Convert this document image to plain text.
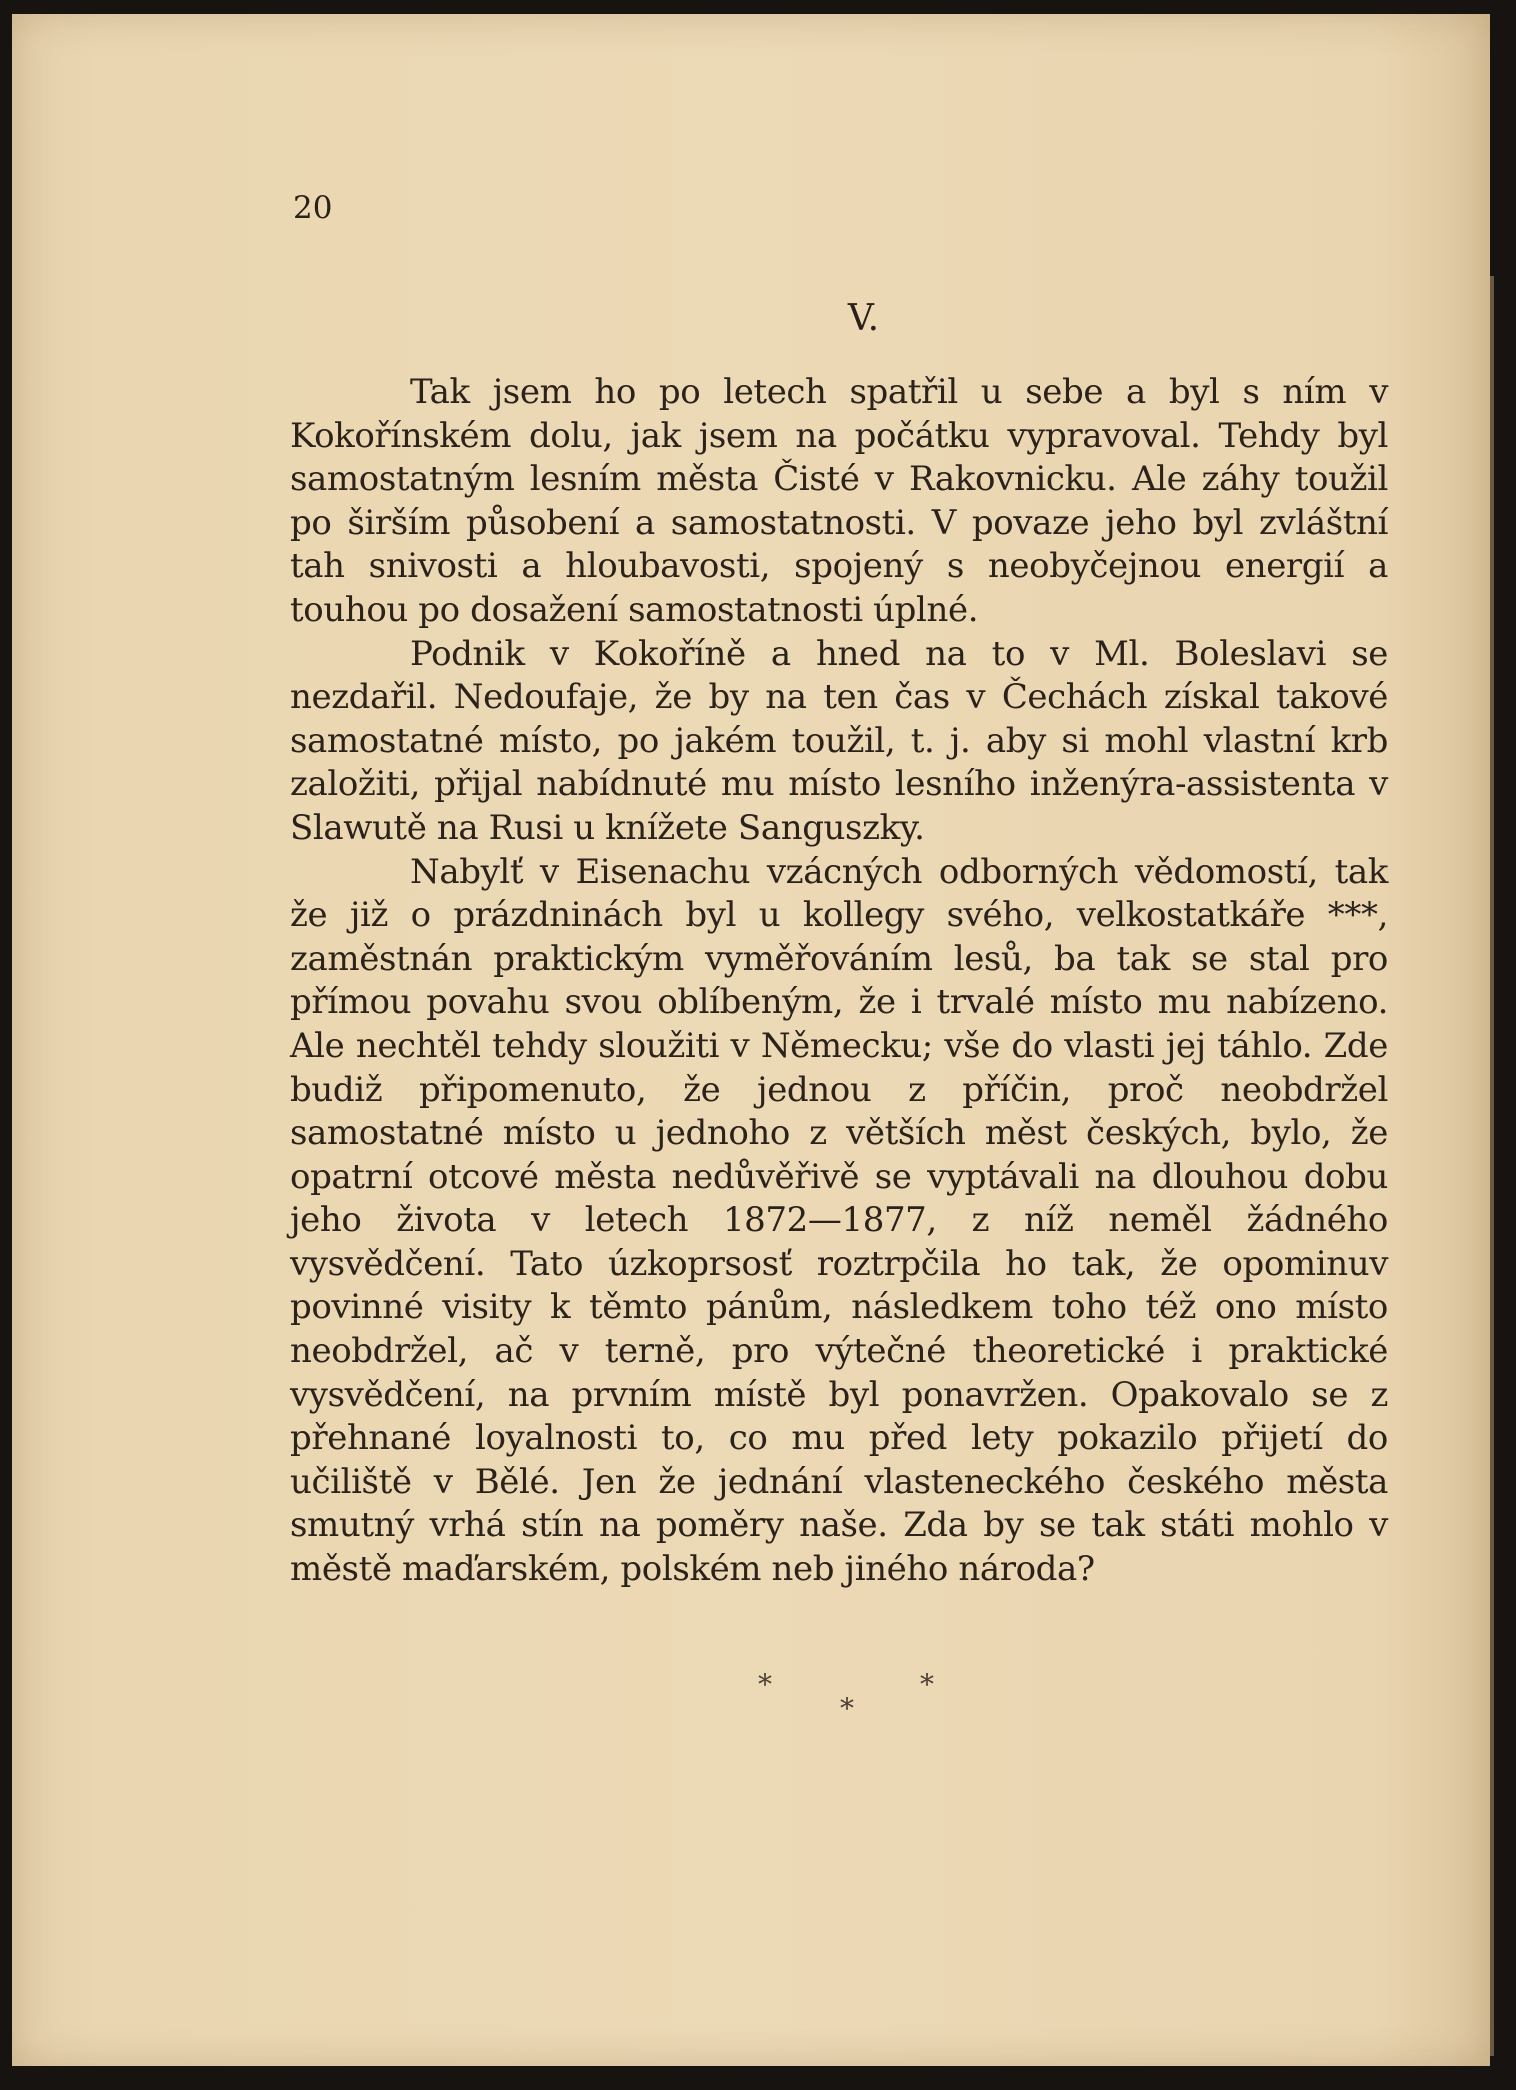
20
V.

Tak jsem ho po letech spatřil u sebe a byl s ním v Kokořínském dolu, jak jsem na počátku vypravoval. Tehdy byl samostatným lesním města Čisté v Rakovnicku. Ale záhy toužil po širším působení a samostatnosti. V povaze jeho byl zvláštní tah snivosti a hloubavosti, spojený s neobyčejnou energií a touhou po dosažení samostatnosti úplné.

Podnik v Kokoříně a hned na to v Ml. Boleslavi se nezdařil. Nedoufaje, že by na ten čas v Čechách získal takové samostatné místo, po jakém toužil, t. j. aby si mohl vlastní krb založiti, přijal nabídnuté mu místo lesního inženýra-assistenta v Slawutě na Rusi u knížete Sanguszky.

Nabylť v Eisenachu vzácných odborných vědomostí, tak že již o prázdninách byl u kollegy svého, velkostatkáře ***, zaměstnán praktickým vyměřováním lesů, ba tak se stal pro přímou povahu svou oblíbeným, že i trvalé místo mu nabízeno. Ale nechtěl tehdy sloužiti v Německu; vše do vlasti jej táhlo. Zde budiž připomenuto, že jednou z příčin, proč neobdržel samostatné místo u jednoho z větších měst českých, bylo, že opatrní otcové města nedůvěřivě se vyptávali na dlouhou dobu jeho života v letech 1872—1877, z níž neměl žádného vysvědčení. Tato úzkoprsosť roztrpčila ho tak, že opominuv povinné visity k těmto pánům, následkem toho též ono místo neobdržel, ač v terně, pro výtečné theoretické i praktické vysvědčení, na prvním místě byl ponavržen. Opakovalo se z přehnané loyalnosti to, co mu před lety pokazilo přijetí do učiliště v Bělé. Jen že jednání vlasteneckého českého města smutný vrhá stín na poměry naše. Zda by se tak státi mohlo v městě maďarském, polském neb jiného národa?

*	*
*
